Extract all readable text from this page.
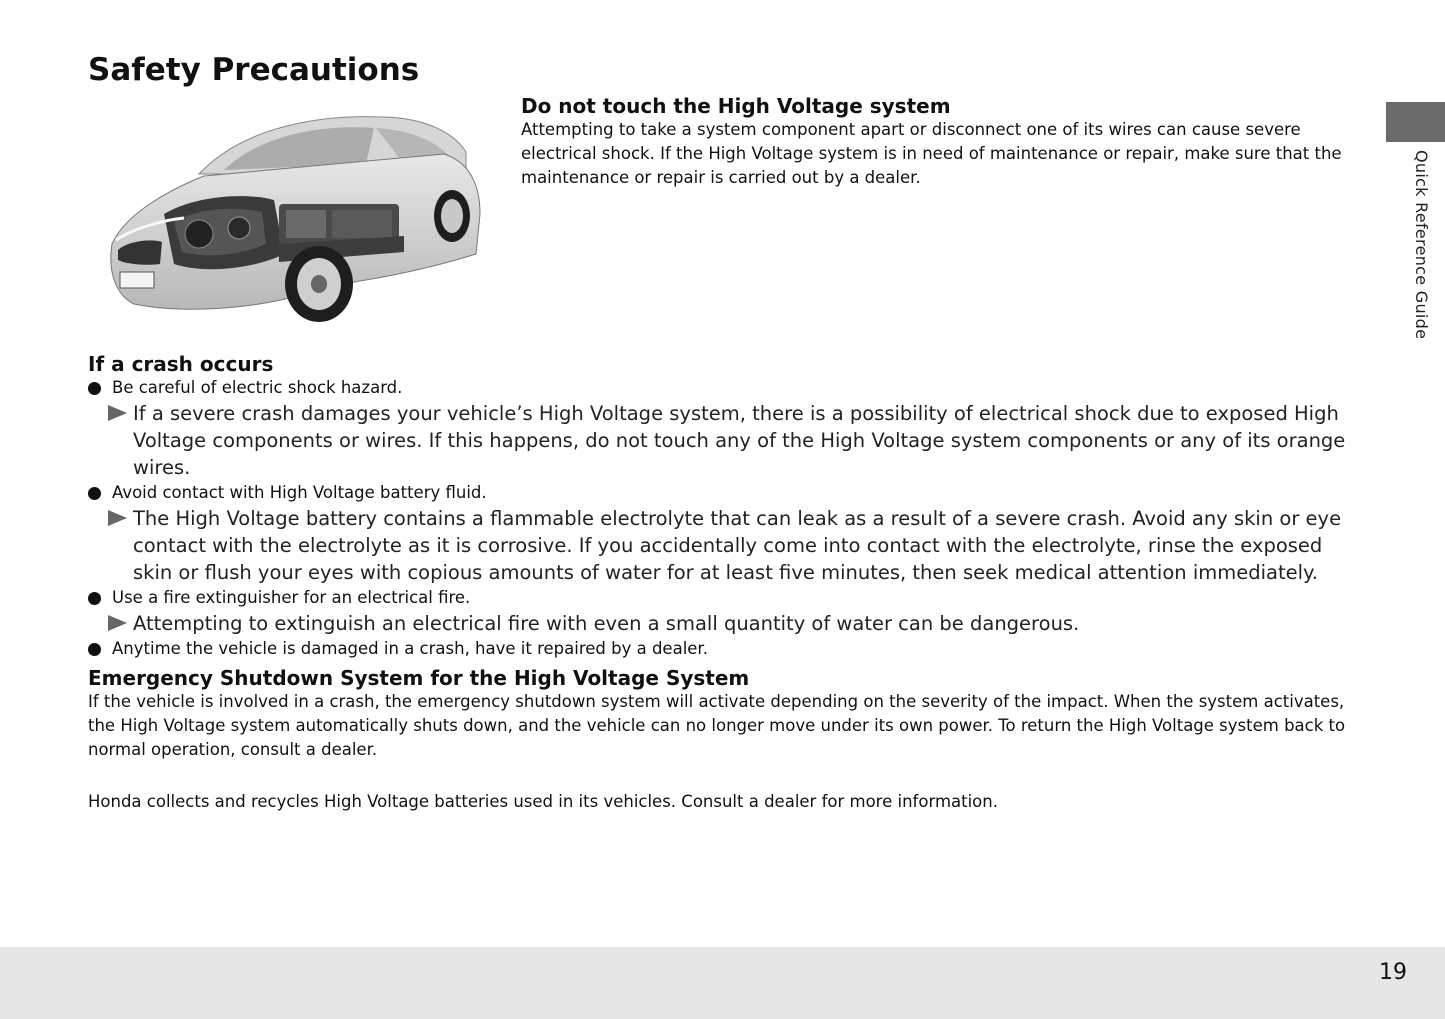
Quick Reference Guide
Safety Precautions
Do not touch the High Voltage system

Attempting to take a system component apart or disconnect one of its wires can cause severe electrical shock. If the High Voltage system is in need of maintenance or repair, make sure that the maintenance or repair is carried out by a dealer.

If a crash occurs
Be careful of electric shock hazard.
If a severe crash damages your vehicle’s High Voltage system, there is a possibility of electrical shock due to exposed High Voltage components or wires. If this happens, do not touch any of the High Voltage system components or any of its orange wires.
Avoid contact with High Voltage battery fluid.
The High Voltage battery contains a flammable electrolyte that can leak as a result of a severe crash. Avoid any skin or eye contact with the electrolyte as it is corrosive. If you accidentally come into contact with the electrolyte, rinse the exposed skin or flush your eyes with copious amounts of water for at least five minutes, then seek medical attention immediately.
Use a fire extinguisher for an electrical fire.
Attempting to extinguish an electrical fire with even a small quantity of water can be dangerous.
Anytime the vehicle is damaged in a crash, have it repaired by a dealer.
Emergency Shutdown System for the High Voltage System

If the vehicle is involved in a crash, the emergency shutdown system will activate depending on the severity of the impact. When the system activates, the High Voltage system automatically shuts down, and the vehicle can no longer move under its own power. To return the High Voltage system back to normal operation, consult a dealer.

Honda collects and recycles High Voltage batteries used in its vehicles. Consult a dealer for more information.

19
